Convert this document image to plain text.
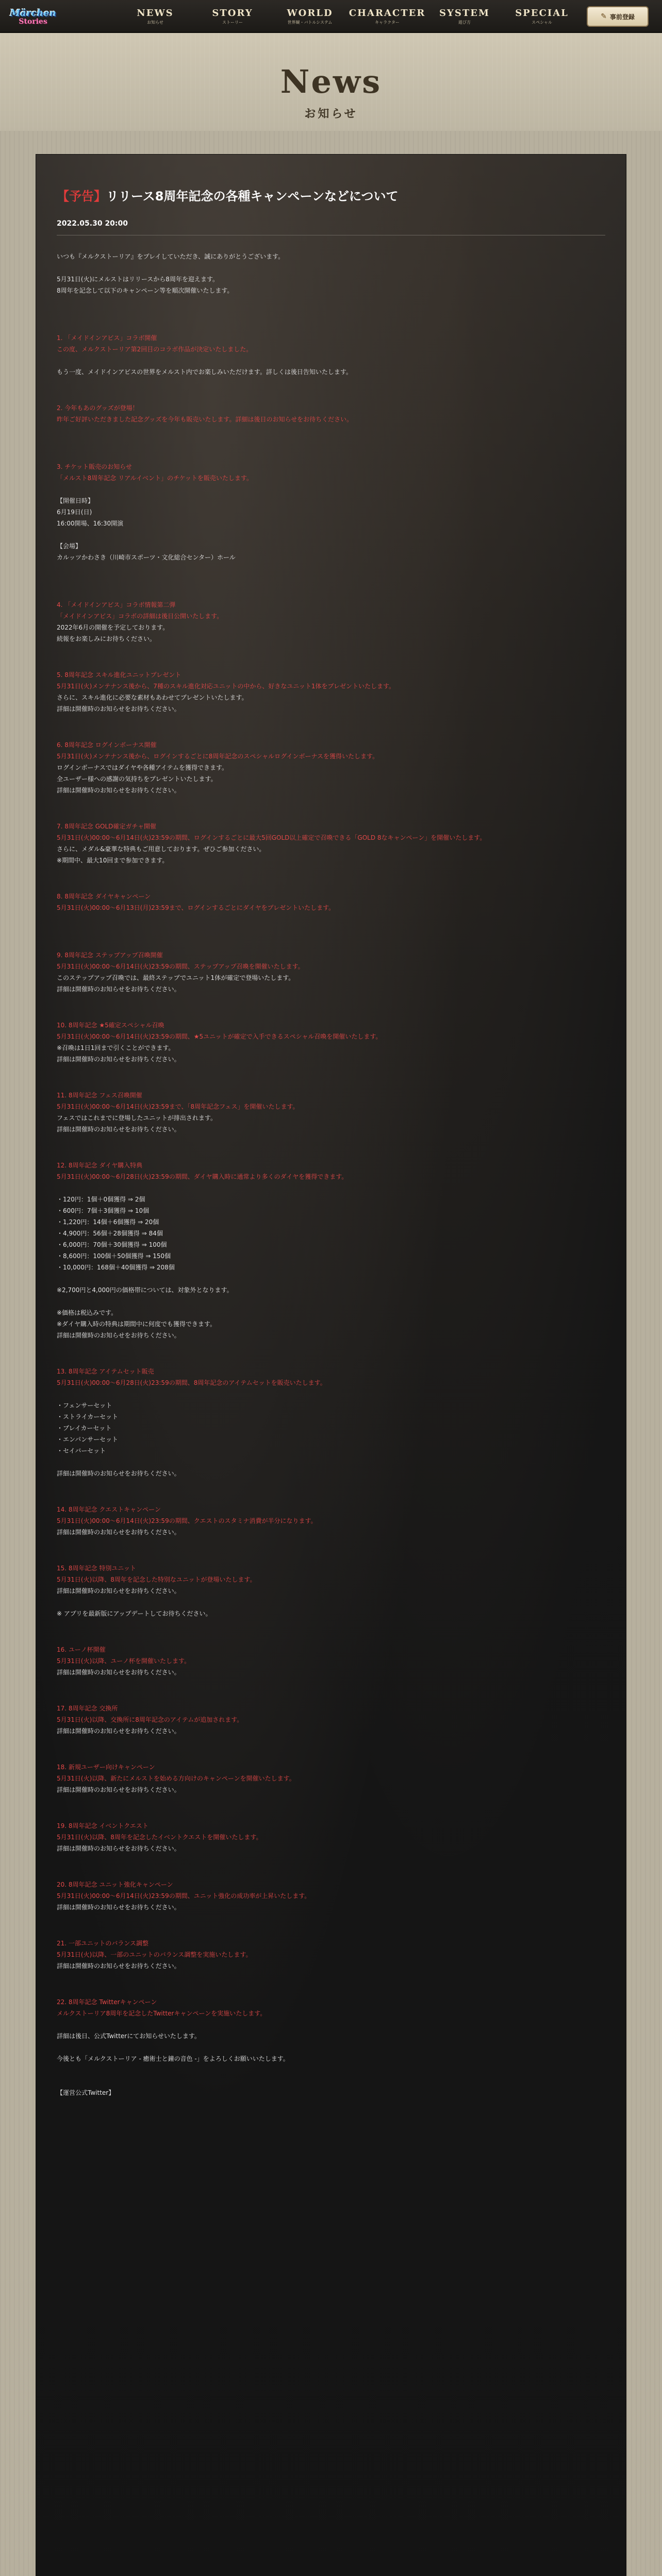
Märchen
Stories
NEWS
お知らせ
STORY
ストーリー
WORLD
世界観・バトルシステム
CHARACTER
キャラクター
SYSTEM
遊び方
SPECIAL
スペシャル
✎ 事前登録
News
お知らせ
【予告】リリース8周年記念の各種キャンペーンなどについて
2022.05.30 20:00
いつも『メルクストーリア』をプレイしていただき、誠にありがとうございます。
5月31日(火)にメルストはリリースから8周年を迎えます。
8周年を記念して以下のキャンペーン等を順次開催いたします。
1. 「メイドインアビス」コラボ開催
この度、メルクストーリア第2回目のコラボ作品が決定いたしました。
もう一度、メイドインアビスの世界をメルスト内でお楽しみいただけます。詳しくは後日告知いたします。
2. 今年もあのグッズが登場！
昨年ご好評いただきました記念グッズを今年も販売いたします。詳細は後日のお知らせをお待ちください。
3. チケット販売のお知らせ
「メルスト8周年記念 リアルイベント」のチケットを販売いたします。
【開催日時】
6月19日(日)
16:00開場、16:30開演
【会場】
カルッツかわさき（川崎市スポーツ・文化総合センター）ホール
4. 「メイドインアビス」コラボ情報第二弾
「メイドインアビス」コラボの詳細は後日公開いたします。
2022年6月の開催を予定しております。
続報をお楽しみにお待ちください。
5. 8周年記念 スキル進化ユニットプレゼント
5月31日(火)メンテナンス後から、7種のスキル進化対応ユニットの中から、好きなユニット1体をプレゼントいたします。
さらに、スキル進化に必要な素材もあわせてプレゼントいたします。
詳細は開催時のお知らせをお待ちください。
6. 8周年記念 ログインボーナス開催
5月31日(火)メンテナンス後から、ログインするごとに8周年記念のスペシャルログインボーナスを獲得いたします。
ログインボーナスではダイヤや各種アイテムを獲得できます。
全ユーザー様への感謝の気持ちをプレゼントいたします。
詳細は開催時のお知らせをお待ちください。
7. 8周年記念 GOLD確定ガチャ開催
5月31日(火)00:00～6月14日(火)23:59の期間、ログインするごとに最大5回GOLD以上確定で召喚できる「GOLD 8なキャンペーン」を開催いたします。
さらに、メダル&豪華な特典もご用意しております。ぜひご参加ください。
※期間中、最大10回まで参加できます。
8. 8周年記念 ダイヤキャンペーン
5月31日(火)00:00～6月13日(月)23:59まで、ログインするごとにダイヤをプレゼントいたします。
9. 8周年記念 ステップアップ召喚開催
5月31日(火)00:00～6月14日(火)23:59の期間、ステップアップ召喚を開催いたします。
このステップアップ召喚では、最終ステップでユニット1体が確定で登場いたします。
詳細は開催時のお知らせをお待ちください。
10. 8周年記念 ★5確定スペシャル召喚
5月31日(火)00:00～6月14日(火)23:59の期間、★5ユニットが確定で入手できるスペシャル召喚を開催いたします。
※召喚は1日1回まで引くことができます。
詳細は開催時のお知らせをお待ちください。
11. 8周年記念 フェス召喚開催
5月31日(火)00:00～6月14日(火)23:59まで、「8周年記念フェス」を開催いたします。
フェスではこれまでに登場したユニットが排出されます。
詳細は開催時のお知らせをお待ちください。
12. 8周年記念 ダイヤ購入特典
5月31日(火)00:00～6月28日(火)23:59の期間、ダイヤ購入時に通常より多くのダイヤを獲得できます。
・120円：1個＋0個獲得 ⇒ 2個
・600円：7個＋3個獲得 ⇒ 10個
・1,220円：14個＋6個獲得 ⇒ 20個
・4,900円：56個＋28個獲得 ⇒ 84個
・6,000円：70個＋30個獲得 ⇒ 100個
・8,600円：100個＋50個獲得 ⇒ 150個
・10,000円：168個＋40個獲得 ⇒ 208個
※2,700円と4,000円の価格帯については、対象外となります。
※価格は税込みです。
※ダイヤ購入時の特典は期間中に何度でも獲得できます。
詳細は開催時のお知らせをお待ちください。
13. 8周年記念 アイテムセット販売
5月31日(火)00:00～6月28日(火)23:59の期間、8周年記念のアイテムセットを販売いたします。
・フェンサーセット
・ストライカーセット
・ブレイカーセット
・エンパンサーセット
・セイバーセット
詳細は開催時のお知らせをお待ちください。
14. 8周年記念 クエストキャンペーン
5月31日(火)00:00～6月14日(火)23:59の期間、クエストのスタミナ消費が半分になります。
詳細は開催時のお知らせをお待ちください。
15. 8周年記念 特別ユニット
5月31日(火)以降、8周年を記念した特別なユニットが登場いたします。
詳細は開催時のお知らせをお待ちください。
※ アプリを最新版にアップデートしてお待ちください。
16. ユーノ杯開催
5月31日(火)以降、ユーノ杯を開催いたします。
詳細は開催時のお知らせをお待ちください。
17. 8周年記念 交換所
5月31日(火)以降、交換所に8周年記念のアイテムが追加されます。
詳細は開催時のお知らせをお待ちください。
18. 新規ユーザー向けキャンペーン
5月31日(火)以降、新たにメルストを始める方向けのキャンペーンを開催いたします。
詳細は開催時のお知らせをお待ちください。
19. 8周年記念 イベントクエスト
5月31日(火)以降、8周年を記念したイベントクエストを開催いたします。
詳細は開催時のお知らせをお待ちください。
20. 8周年記念 ユニット強化キャンペーン
5月31日(火)00:00～6月14日(火)23:59の期間、ユニット強化の成功率が上昇いたします。
詳細は開催時のお知らせをお待ちください。
21. 一部ユニットのバランス調整
5月31日(火)以降、一部のユニットのバランス調整を実施いたします。
詳細は開催時のお知らせをお待ちください。
22. 8周年記念 Twitterキャンペーン
メルクストーリア8周年を記念したTwitterキャンペーンを実施いたします。
詳細は後日、公式Twitterにてお知らせいたします。
今後とも「メルクストーリア - 癒術士と鐘の音色 -」をよろしくお願いいたします。
【運営公式Twitter】
